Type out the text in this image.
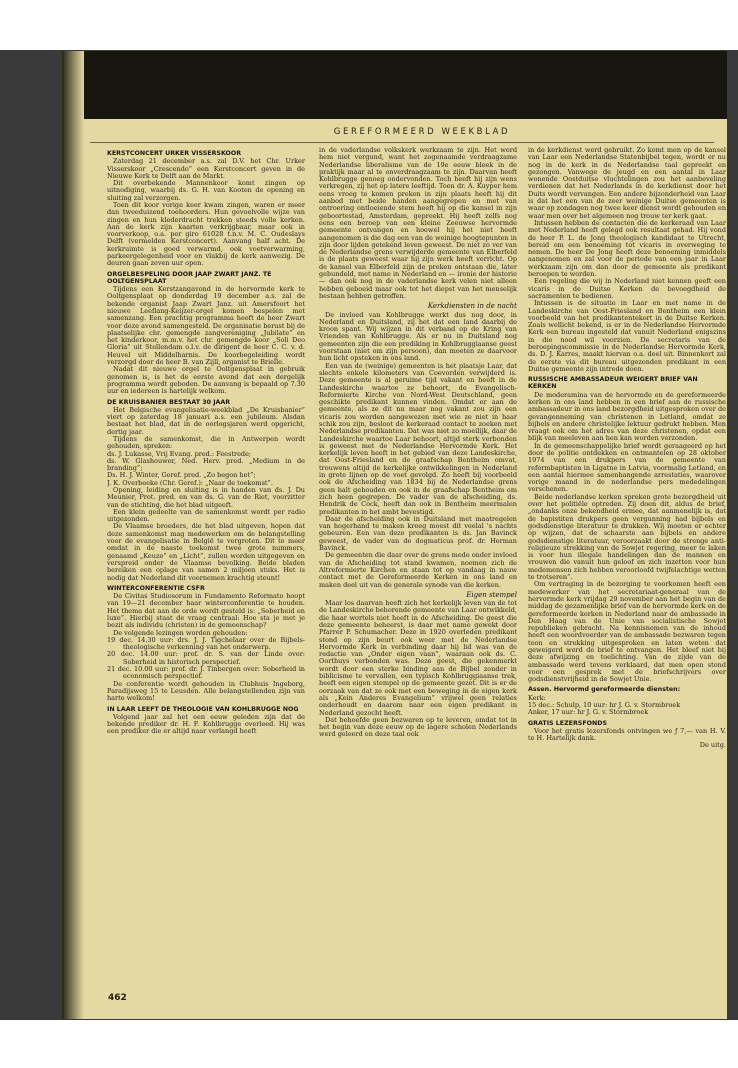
GEREFORMEERD WEEKBLAD
KERSTCONCERT URKER VISSERSKOOR

Zaterdag 21 december a.s. zal D.V. het Chr. Urker Visserskoor „Crescendo” een Kerstconcert geven in de Nieuwe Kerk te Delft aan de Markt.

Dit overbekende Mannenkoor komt zingen op uitnodiging, waarbij ds. G. H. van Kooten de opening en sluiting zal verzorgen.

Toen dit koor vorige keer kwam zingen, waren er meer dan tweeduizend toehoorders. Hun gevoelvolle wijze van zingen en hun klederdracht trekken steeds volle kerken. Aan de kerk zijn kaarten verkrijgbaar, maar ook in voorverkoop, o.a. per giro 61028 t.n.v. M. C. Oudeslays Delft (vermelden Kerstconcert). Aanvang half acht. De kerkruimte is goed verwarmd, ook voetverwarming, parkeergelegenheid voor en vlakbij de kerk aanwezig. De deuren gaan zeven uur open.

ORGELBESPELING DOOR JAAP ZWART JANZ. TE OOLTGENSPLAAT

Tijdens een Kerstzangavond in de hervormde kerk te Ooltgensplaat op donderdag 19 december a.s. zal de bekende organist Jaap Zwart Janz. uit Amersfoort het nieuwe Leeflang-Keijzer-orgel komen bespelen met samenzang. Een prachtig programma heeft de heer Zwart voor deze avond samengesteld. De organisatie berust bij de plaatselijke chr. gemengde zangvereniging „Jubilate” en het kinderkoor, m.m.v. het chr. gemengde koor „Soli Deo Gloria” uit Stellendam o.l.v. de dirigent de heer C. C. v. d. Heuvel uit Middelharnis. De koorbegeleiding wordt verzorgd door de heer B. van Zijll, organist te Brielle.

Nadat dit nieuwe orgel te Ooltgensplaat in gebruik genomen is, is het de eerste avond dat een dergelijk programma wordt geboden. De aanvang is bepaald op 7.30 uur en iedereen is hartelijk welkom.

DE KRUISBANIER BESTAAT 30 JAAR

Het Belgische evangelisatie-weekblad „De Kruisbanier” viert op zaterdag 18 januari a.s. een jubileum. Alsdan bestaat het blad, dat in de oorlogsjaren werd opgericht, dertig jaar.

Tijdens de samenkomst, die in Antwerpen wordt gehouden, spreken:

ds. J. Lukasse, Vrij Evang. pred.: Feestrede;

ds. W. Glashouwer, Ned. Herv. pred. „Medium in de branding”;

Ds. H. J. Winter, Geref. pred. „Zo begon het”;

J. K. Overbeeke (Chr. Geref.): „Naar de toekomst”.

Opening, leiding en sluiting is in handen van ds. J. Du Meunier, Prot. pred. en van ds. G. van de Riet, voorzitter van de stichting, die het blad uitgeeft.

Een klein gedeelte van de samenkomst wordt per radio uitgezonden.

De Vlaamse broeders, die het blad uitgeven, hopen dat deze samenkomst mag medewerken om de belangstelling voor de evangelisatie in België te vergroten. Dit te meer omdat in de naaste toekomst twee grote nummers, genaamd „Keuze” en „Licht”, zullen worden uitgegeven en verspreid onder de Vlaamse bevolking. Beide bladen bereiken een oplage van samen 2 miljoen stuks. Het is nodig dat Nederland dit voornemen krachtig steunt!

WINTERCONFERENTIE CSFR

De Civitas Studiosorum in Fundamento Reformato hoopt van 19—21 december haar winterconferentie te houden. Het thema dat aan de orde wordt gesteld is: „Soberheid en luxe”. Hierbij staat de vraag centraal: Hoe sta je met je bezit als individu (christen) in de gemeenschap?

De volgende lezingen worden gehouden:

19 dec. 14.30 uur: drs. J. J. Tigchelaar over de Bijbels-theologische verkenning van het onderwerp.

20 dec. 14.00 uur: prof. dr. S. van der Linde over: Soberheid in historisch perspectief.

21 dec. 10.00 uur: prof. dr. J. Tinbergen over: Soberheid in economisch perspectief.

De conferentie wordt gehouden in Clubhuis Ingeborg, Paradijsweg 15 te Leusden. Alle belangstellenden zijn van harte welkom!

IN LAAR LEEFT DE THEOLOGIE VAN KOHLBRUGGE NOG

Volgend jaar zal het een eeuw geleden zijn dat de bekende prediker dr. H. F. Kohlbrugge overleed. Hij was een prediker die er altijd naar verlangd heeft

in de vaderlandse volkskerk werkzaam te zijn. Het werd hem niet vergund, want het zogenaamde verdraagzame Nederlandse liberalisme van de 19e eeuw bleek in de praktijk maar al te onverdraagzaam te zijn. Daarvan heeft Kohlbrugge genoeg ondervonden. Toch heeft hij zijn wens verkregen, zij het op latere leeftijd. Toen dr. A. Kuyper hem eens vroeg te komen preken in zijn plaats heeft hij dit aanbod met beide handen aangegrepen en met van ontroering ontloeiende stem heeft hij op die kansel in zijn geboortestad, Amsterdam, gepreekt. Hij heeft zelfs nog eens een beroep van een kleine Zeeuwse hervormde gemeente ontvangen en hoewel hij het niet heeft aangenomen is die dag een van de weinige hoogtepunten in zijn door lijden getekend leven geweest. De niet zo ver van de Nederlandse grens verwijderde gemeente van Elberfeld is de plaats geweest waar hij zijn werk heeft verricht. Op de kansel van Elberfeld zijn de preken ontstaan die, later gebundeld, met name in Nederland en — ironie der historie — dan ook nog in de vaderlandse kerk velen niet alleen hebben geboeid maar ook tot het diepst van het menselijk bestaan hebben getroffen.

Kerkdiensten in de nacht

De invloed van Kohlbrugge werkt dus nog door, in Nederland en Duitsland, zij het dat een land daarbij de kroon spant. Wij wijzen in dit verband op de Kring van Vrienden van Kohlbrugge. Als er nu in Duitsland nog gemeenten zijn die een prediking in Kohlbruggiaanse geest voorstaan (niet om zijn persoon), dan moeten ze daarvoor hun licht opsteken in ons land.

Een van de (weinige) gemeenten is het plaatsje Laar, dat slechts enkele kilometers van Coevorden verwijderd is. Deze gemeente is al geruime tijd vakant en heeft in de Landeskirche waartoe ze behoort, de Evangelisch-Reformierte Kirche von Nord-West Deutschland, geen geschikte predikant kunnen vinden. Omdat er aan de gemeente, als ze dit nu maar nog vakant zou zijn een vicaris zou worden aangewezen met wie ze niet in haar schik zou zijn, besloot de kerkeraad contact te zoeken met Nederlandse predikanten. Dat was niet zo moeilijk, daar de Landeskirche waartoe Laar behoort, altijd sterk verbonden is geweest met de Nederlandse Hervormde Kerk. Het kerkelijk leven heeft in het gebied van deze Landeskirche, dat Oost-Friesland en de graafschap Bentheim omvat, trouwens altijd de kerkelijke ontwikkelingen in Nederland in grote lijnen op de voet gevolgd. Zo heeft bij voorbeeld ook de Afscheiding van 1834 bij de Nederlandse grens geen halt gehouden en ook in de graafschap Bentheim om zich heen gegrepen. De vader van de afscheiding, ds. Hendrik de Cock, heeft dan ook in Bentheim meermalen predikanten in het ambt bevestigd.

Daar de afscheiding ook in Duitsland met maatregelen van hogerhand te maken kreeg moest dit veelal 's nachts gebeuren. Een van deze predikanten is ds. Jan Bavinck geweest, de vader van de dogmaticus prof. dr. Herman Bavinck.

De gemeenten die daar over de grens mede onder invloed van de Afscheiding tot stand kwamen, noemen zich de Altreformierte Kirchen en staan tot op vandaag in nauw contact met de Gereformeerde Kerken in ons land en maken deel uit van de generale synode van die kerken.

Eigen stempel

Maar los daarvan heeft zich het kerkelijk leven van de tot de Landeskirche behorende gemeente van Laar ontwikkeld, die haar wortels niet heeft in de Afscheiding. De geest die deze gemeente beheerst, is daar met name gewekt door Pfarrer P. Schumacher. Deze in 1920 overleden predikant stond op zijn beurt ook weer met de Nederlandse Hervormde Kerk in verbinding daar hij lid was van de redactie van „Onder eigen vaan”, waaraan ook ds. C. Oorthuys verbonden was. Deze geest, die gekenmerkt wordt door een sterke binding aan de Bijbel zonder in biblicisme te vervallen, een typisch Kohlbruggiaanse trek, heeft een eigen stempel op de gemeente gezet. Dit is er de oorzaak van dat ze ook met een beweging in de eigen kerk als „Kein Anderes Evangelium” vrijwel geen relaties onderhoudt en daarom naar een eigen predikant in Nederland gezocht heeft.

Dat behoefde geen bezwaren op te leveren, omdat tot in het begin van deze eeuw op de lagere scholen Nederlands werd geleerd en deze taal ook

in de kerkdienst werd gebruikt. Zo komt men op de kansel van Laar een Nederlandse Statenbijbel tegen, wordt er nu nog in de kerk in de Nederlandse taal gepreekt en gezongen. Vanwege de jeugd en een aantal in Laar wonende Oostduitse vluchtelingen zou het aanbeveling verdienen dat het Nederlands in de kerkdienst door het Duits wordt vervangen. Een andere bijzonderheid van Laar is dat het een van de zeer weinige Duitse gemeenten is waar op zondagen nog twee keer dienst wordt gehouden en waar men over het algemeen nog trouw ter kerk gaat.

Intussen hebben de contacten die de kerkeraad van Laar met Nederland heeft gelegd ook resultaat gehad. Hij vond de heer P. L. de Jong theologisch kandidaat te Utrecht, bereid om een benoeming tot vicaris in overweging te nemen. De heer De Jong heeft deze benoeming inmiddels aangenomen en zal voor de periode van een jaar in Laar werkzaam zijn om dan door de gemeente als predikant beroepen te worden.

Een regeling die wij in Nederland niet kennen geeft een vicaris in de Duitse Kerken de bevoegdheid de sacramenten te bedienen.

Intussen is de situatie in Laar en met name in de Landeskirche van Oost-Friesland en Bentheim een klein voorbeeld van het predikantentekort in de Duitse Kerken. Zoals wellicht bekend, is er in de Nederlandse Hervormde Kerk een bureau ingesteld dat vanuit Nederland enigszins in die nood wil voorzien. De secretaris van de beroepingscommissie in de Nederlandse Hervormde Kerk, ds. D. J. Karres, maakt hiervan o.a. deel uit. Binnenkort zal de eerste via dit bureau uitgezonden predikant in een Duitse gemeente zijn intrede doen.

RUSSISCHE AMBASSADEUR WEIGERT BRIEF VAN KERKEN

De moderamina van de hervormde en de gereformeerde kerken in ons land hebben in een brief aan de russische ambassadeur in ons land bezorgdheid uitgesproken over de gevangenneming van christenen in Letland, omdat ze bijbels en andere christelijke lektuur gedrukt hebben. Men vraagt ook om het adres van deze christenen, opdat een blijk van meeleven aan hen kan worden verzonden.

In de gemeenschappelijke brief wordt geraageerd op het door de politie ontdekken en ontmantelen op 28 oktober 1974 van een drukpers van de gemeente van reformbaptisten in Ligatne in Latvia, voormalig Letland, en een aantal hiermee samenhangende arrestaties, waarover vorige maand in de nederlandse pers mededelingen verschenen.

Beide nederlandse kerken spreken grote bezorgdheid uit over het politiële optreden. Zij doen dit, aldus de brief, „ondanks onze bekendheid ermee, dat aanmenelijk is, dat de bapistiten drukpers geen vergunning had bijbels en godsdienstige literatuur te drukken. Wij moeten er echter op wijzen, dat de schaarste aan bijbels en andere godsdienstige literatuur, veroorzaakt door de strenge anti-religieuze strekking van de Sowjet regering, meer te laken is voor hun illegale handelingen dan de mannen en vrouwen die vanuit hun geloof en zich inzetten voor hun medemensen zich hebben veroorloofd twijfelachtige wetten te trotseren”.

Om vertraging in de bezorging te voorkomen heeft een medewerker van het secretariaat-generaal van de hervormde kerk vrijdag 29 november aan het begin van de middag de gezamenlijke brief van de hervormde kerk en de gereformeerde kerken in Nederland naar de ambassade in Den Haag van de Unie van socialistische Sowjet republieken gebracht. Na kennisnemen van de inhoud heeft een woordvoerder van de ambassade bezwaren tegen toon en strekking uitgesproken en laten weten dat geweigerd werd de brief te ontvangen. Het bleef niet bij deze afwijzing en toelichting. Van de zijde van de ambassade werd tevens verklaard, dat men open stond voor een gesprek met de briefschrijvers over godsdienstvrijheid in de Sowjet Unie.

Assen. Hervormd gereformeerde diensten:

Kerk:

15 dec.: Schulp, 10 uur: hr J. G. v. Stormbroek

Anker, 17 uur: hr J. G. v. Stormbroek

GRATIS LEZERSFONDS

Voor het gratis lezersfonds ontvingen we ƒ 7,— van H. V. te H. Hartelijk dank.

De uitg.

462
